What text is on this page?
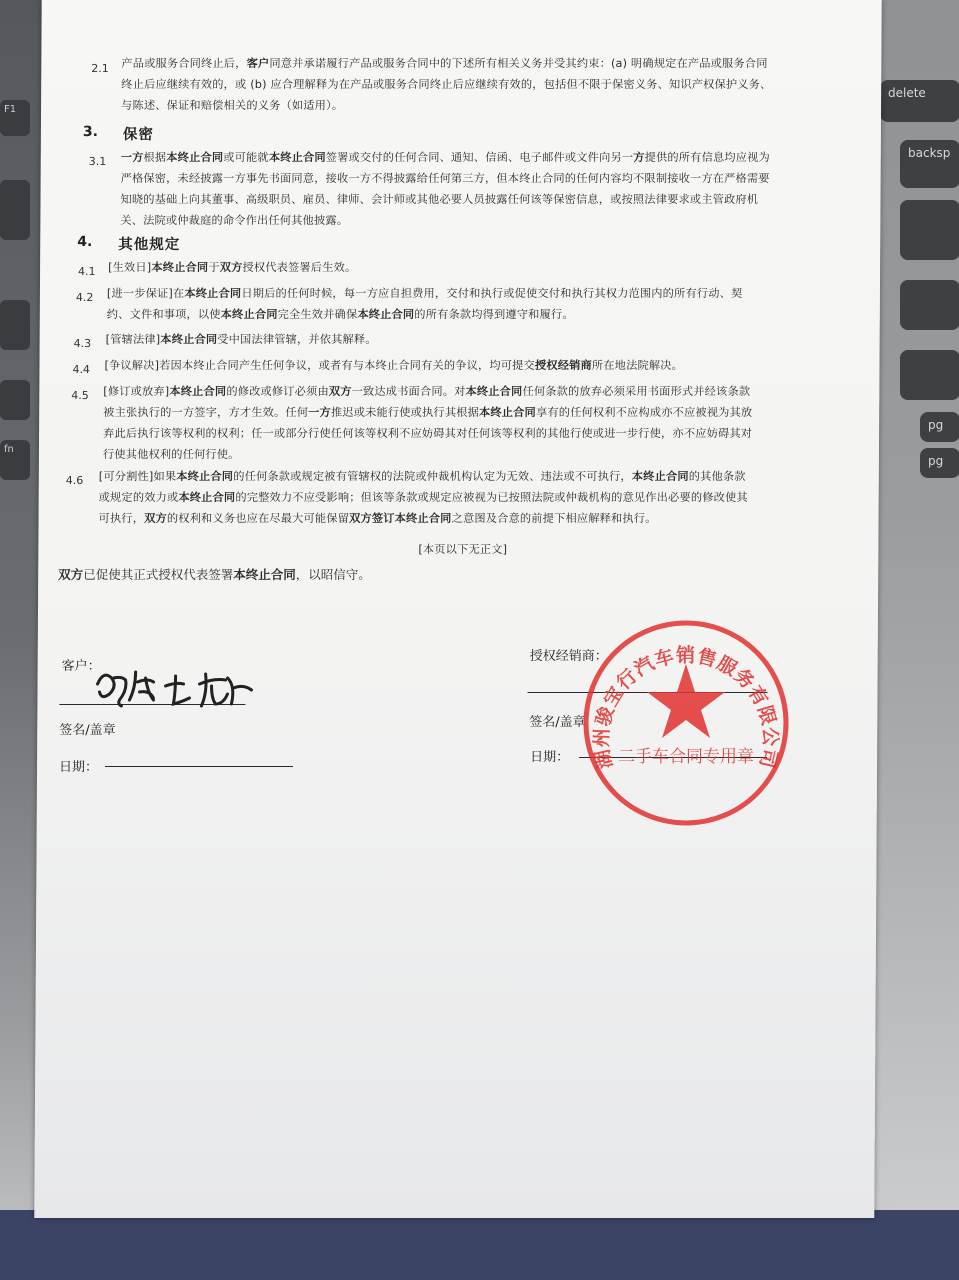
F1
fn
delete
backsp
pg
pg
2.1 产品或服务合同终止后，客户同意并承诺履行产品或服务合同中的下述所有相关义务并受其约束：(a) 明确规定在产品或服务合同
终止后应继续有效的，或 (b) 应合理解释为在产品或服务合同终止后应继续有效的，包括但不限于保密义务、知识产权保护义务、
与陈述、保证和赔偿相关的义务（如适用）。
3. 保密
3.1 一方根据本终止合同或可能就本终止合同签署或交付的任何合同、通知、信函、电子邮件或文件向另一方提供的所有信息均应视为
严格保密，未经披露一方事先书面同意，接收一方不得披露给任何第三方，但本终止合同的任何内容均不限制接收一方在严格需要
知晓的基础上向其董事、高级职员、雇员、律师、会计师或其他必要人员披露任何该等保密信息，或按照法律要求或主管政府机
关、法院或仲裁庭的命令作出任何其他披露。
4. 其他规定
4.1 [生效日]本终止合同于双方授权代表签署后生效。
4.2 [进一步保证]在本终止合同日期后的任何时候，每一方应自担费用，交付和执行或促使交付和执行其权力范围内的所有行动、契
约、文件和事项，以使本终止合同完全生效并确保本终止合同的所有条款均得到遵守和履行。
4.3 [管辖法律]本终止合同受中国法律管辖，并依其解释。
4.4 [争议解决]若因本终止合同产生任何争议，或者有与本终止合同有关的争议，均可提交授权经销商所在地法院解决。
4.5 [修订或放弃]本终止合同的修改或修订必须由双方一致达成书面合同。对本终止合同任何条款的放弃必须采用书面形式并经该条款
被主张执行的一方签字，方才生效。任何一方推迟或未能行使或执行其根据本终止合同享有的任何权利不应构成亦不应被视为其放
弃此后执行该等权利的权利；任一或部分行使任何该等权利不应妨碍其对任何该等权利的其他行使或进一步行使，亦不应妨碍其对
行使其他权利的任何行使。
4.6 [可分割性]如果本终止合同的任何条款或规定被有管辖权的法院或仲裁机构认定为无效、违法或不可执行，本终止合同的其他条款
或规定的效力或本终止合同的完整效力不应受影响；但该等条款或规定应被视为已按照法院或仲裁机构的意见作出必要的修改使其
可执行，双方的权利和义务也应在尽最大可能保留双方签订本终止合同之意图及合意的前提下相应解释和执行。
[本页以下无正文]
双方已促使其正式授权代表签署本终止合同，以昭信守。
客户：
签名/盖章
日期：
授权经销商：
签名/盖章
日期： 湖州骏宝行汽车销售服务有限公司
二手车合同专用章
